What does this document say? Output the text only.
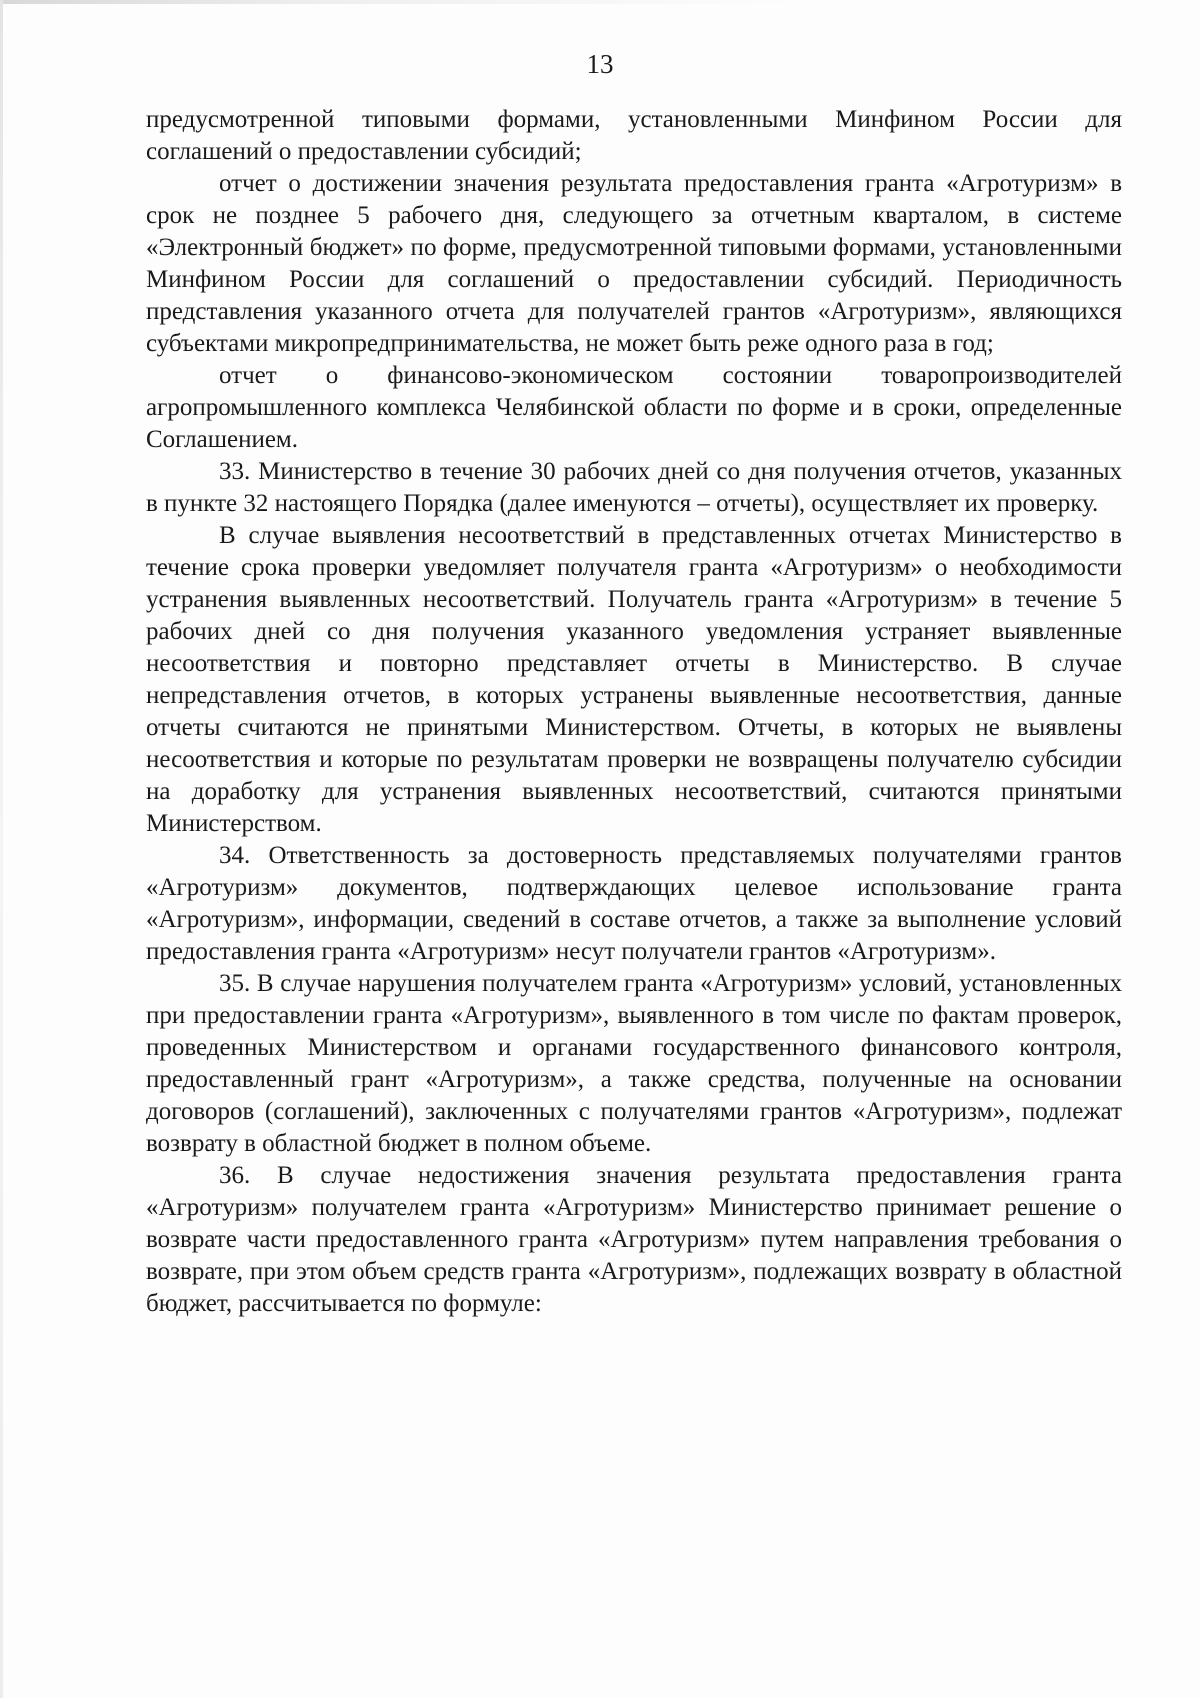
13

предусмотренной типовыми формами, установленными Минфином России для соглашений о предоставлении субсидий;

отчет о достижении значения результата предоставления гранта «Агротуризм» в срок не позднее 5 рабочего дня, следующего за отчетным кварталом, в системе «Электронный бюджет» по форме, предусмотренной типовыми формами, установленными Минфином России для соглашений о предоставлении субсидий. Периодичность представления указанного отчета для получателей грантов «Агротуризм», являющихся субъектами микропредпринимательства, не может быть реже одного раза в год;

отчет о финансово-экономическом состоянии товаропроизводителей агропромышленного комплекса Челябинской области по форме и в сроки, определенные Соглашением.

33. Министерство в течение 30 рабочих дней со дня получения отчетов, указанных в пункте 32 настоящего Порядка (далее именуются – отчеты), осуществляет их проверку.

В случае выявления несоответствий в представленных отчетах Министерство в течение срока проверки уведомляет получателя гранта «Агротуризм» о необходимости устранения выявленных несоответствий. Получатель гранта «Агротуризм» в течение 5 рабочих дней со дня получения указанного уведомления устраняет выявленные несоответствия и повторно представляет отчеты в Министерство. В случае непредставления отчетов, в которых устранены выявленные несоответствия, данные отчеты считаются не принятыми Министерством. Отчеты, в которых не выявлены несоответствия и которые по результатам проверки не возвращены получателю субсидии на доработку для устранения выявленных несоответствий, считаются принятыми Министерством.

34. Ответственность за достоверность представляемых получателями грантов «Агротуризм» документов, подтверждающих целевое использование гранта «Агротуризм», информации, сведений в составе отчетов, а также за выполнение условий предоставления гранта «Агротуризм» несут получатели грантов «Агротуризм».

35. В случае нарушения получателем гранта «Агротуризм» условий, установленных при предоставлении гранта «Агротуризм», выявленного в том числе по фактам проверок, проведенных Министерством и органами государственного финансового контроля, предоставленный грант «Агротуризм», а также средства, полученные на основании договоров (соглашений), заключенных с получателями грантов «Агротуризм», подлежат возврату в областной бюджет в полном объеме.

36. В случае недостижения значения результата предоставления гранта «Агротуризм» получателем гранта «Агротуризм» Министерство принимает решение о возврате части предоставленного гранта «Агротуризм» путем направления требования о возврате, при этом объем средств гранта «Агротуризм», подлежащих возврату в областной бюджет, рассчитывается по формуле:
